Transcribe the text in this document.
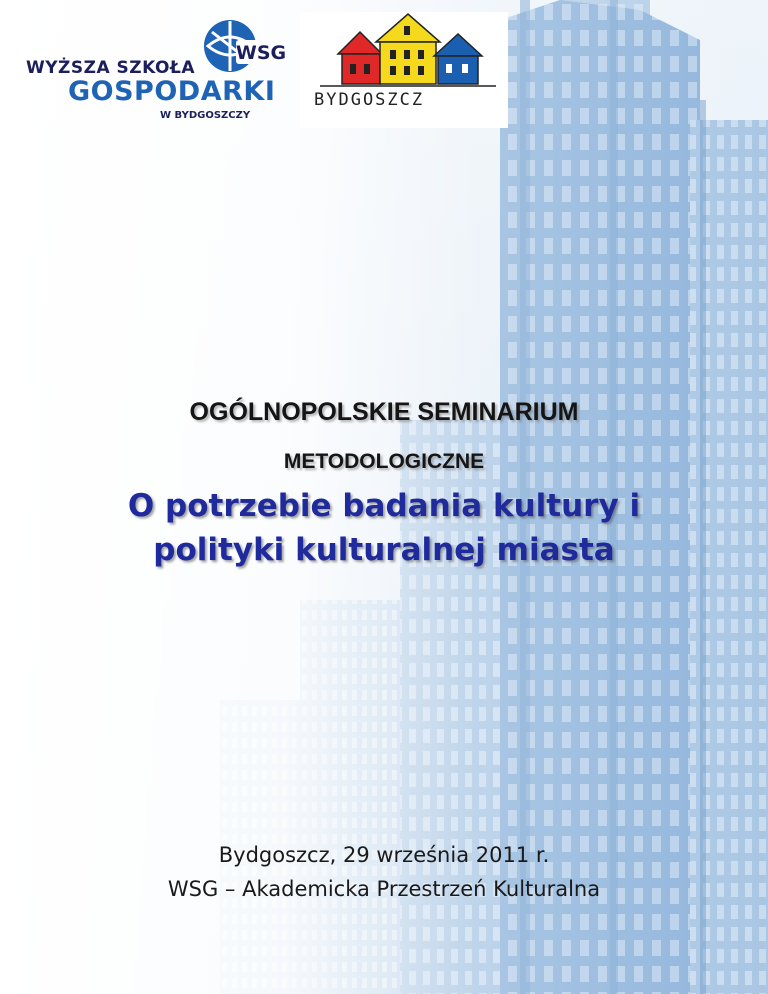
WSG
WYŻSZA SZKOŁA
GOSPODARKI
W BYDGOSZCZY
BYDGOSZCZ
OGÓLNOPOLSKIE SEMINARIUM
METODOLOGICZNE
O potrzebie badania kultury i
polityki kulturalnej miasta
Bydgoszcz, 29 września 2011 r.
WSG – Akademicka Przestrzeń Kulturalna
